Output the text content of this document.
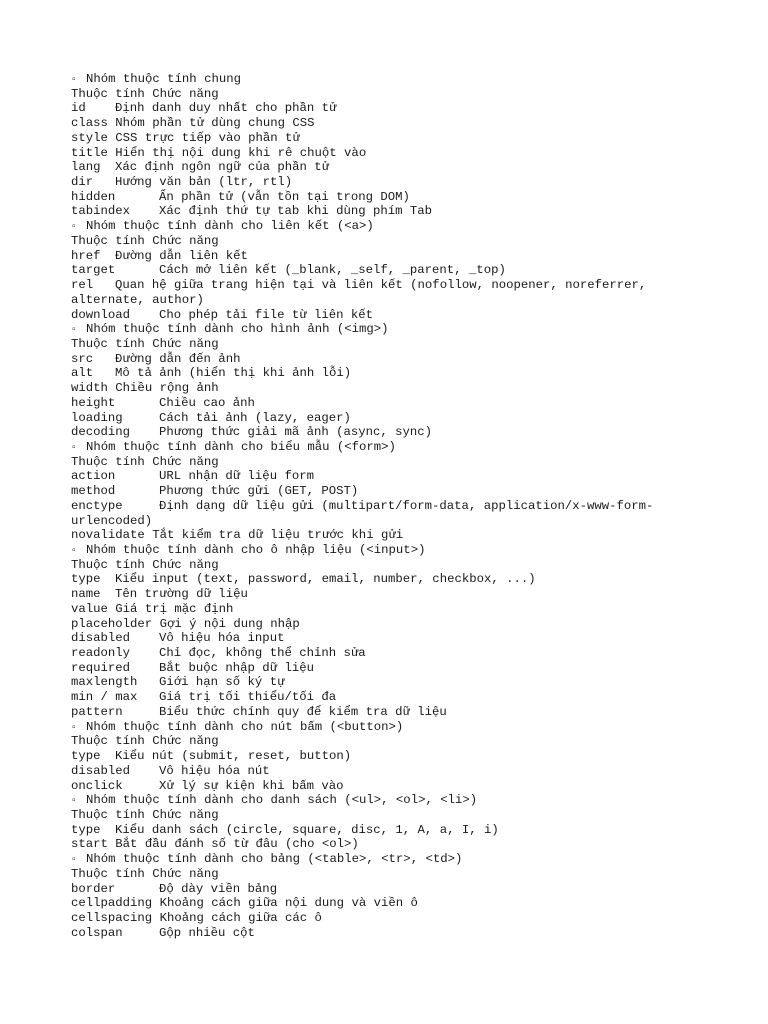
▫ Nhóm thuộc tính chung
Thuộc tính Chức năng
id Định danh duy nhất cho phần tử
class Nhóm phần tử dùng chung CSS
style CSS trực tiếp vào phần tử
title Hiển thị nội dung khi rê chuột vào
lang Xác định ngôn ngữ của phần tử
dir Hướng văn bản (ltr, rtl)
hidden	Ẩn phần tử (vẫn tồn tại trong DOM)
tabindex Xác định thứ tự tab khi dùng phím Tab
▫ Nhóm thuộc tính dành cho liên kết (<a>)
Thuộc tính Chức năng
href Đường dẫn liên kết
target	Cách mở liên kết (_blank, _self, _parent, _top)
rel Quan hệ giữa trang hiện tại và liên kết (nofollow, noopener, noreferrer,
alternate, author)
download Cho phép tải file từ liên kết
▫ Nhóm thuộc tính dành cho hình ảnh (<img>)
Thuộc tính Chức năng
src Đường dẫn đến ảnh
alt Mô tả ảnh (hiển thị khi ảnh lỗi)
width Chiều rộng ảnh
height	Chiều cao ảnh
loading	Cách tải ảnh (lazy, eager)
decoding Phương thức giải mã ảnh (async, sync)
▫ Nhóm thuộc tính dành cho biểu mẫu (<form>)
Thuộc tính Chức năng
action	URL nhận dữ liệu form
method	Phương thức gửi (GET, POST)
enctype	Định dạng dữ liệu gửi (multipart/form-data, application/x-www-form-
urlencoded)
novalidate Tắt kiểm tra dữ liệu trước khi gửi
▫ Nhóm thuộc tính dành cho ô nhập liệu (<input>)
Thuộc tính Chức năng
type Kiểu input (text, password, email, number, checkbox, ...)
name Tên trường dữ liệu
value Giá trị mặc định
placeholder Gợi ý nội dung nhập
disabled Vô hiệu hóa input
readonly Chỉ đọc, không thể chỉnh sửa
required Bắt buộc nhập dữ liệu
maxlength Giới hạn số ký tự
min / max Giá trị tối thiểu/tối đa
pattern	Biểu thức chính quy để kiểm tra dữ liệu
▫ Nhóm thuộc tính dành cho nút bấm (<button>)
Thuộc tính Chức năng
type Kiểu nút (submit, reset, button)
disabled Vô hiệu hóa nút
onclick	Xử lý sự kiện khi bấm vào
▫ Nhóm thuộc tính dành cho danh sách (<ul>, <ol>, <li>)
Thuộc tính Chức năng
type Kiểu danh sách (circle, square, disc, 1, A, a, I, i)
start Bắt đầu đánh số từ đâu (cho <ol>)
▫ Nhóm thuộc tính dành cho bảng (<table>, <tr>, <td>)
Thuộc tính Chức năng
border	Độ dày viền bảng
cellpadding Khoảng cách giữa nội dung và viền ô
cellspacing Khoảng cách giữa các ô
colspan	Gộp nhiều cột
